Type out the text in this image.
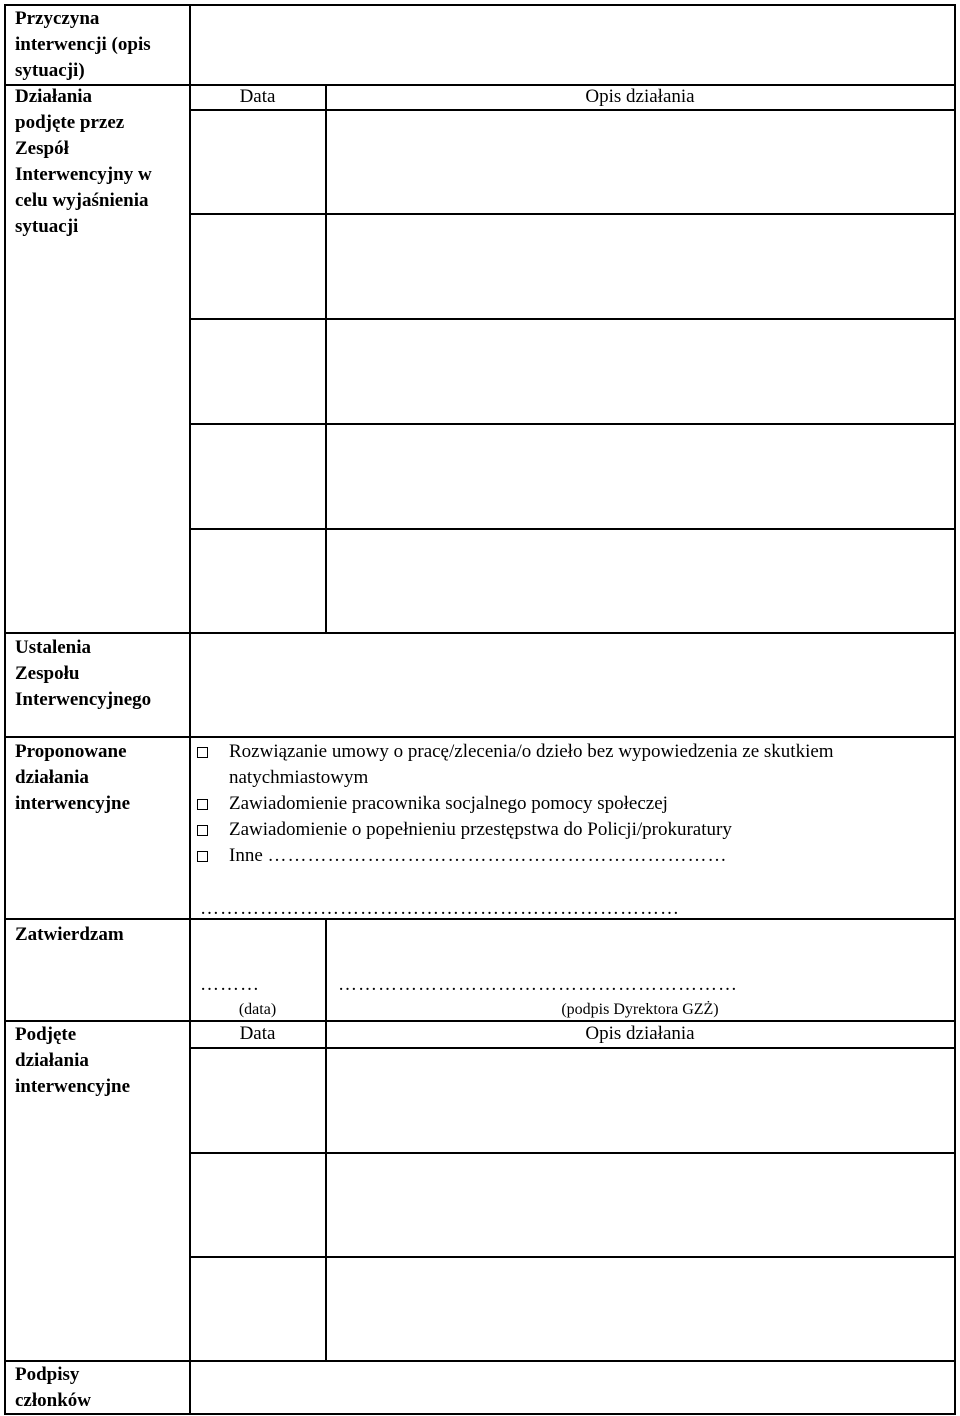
Przyczyna
interwencji (opis
sytuacji)
Działania
podjęte przez
Zespół
Interwencyjny w
celu wyjaśnienia
sytuacji
Data	Opis działania
Ustalenia
Zespołu
Interwencyjnego
Proponowane
działania
interwencyjne
Rozwiązanie umowy o pracę/zlecenia/o dzieło bez wypowiedzenia ze skutkiem
natychmiastowym
Zawiadomienie pracownika socjalnego pomocy społeczej
Zawiadomienie o popełnieniu przestępstwa do Policji/prokuratury
Inne ……………………………………………………………
………………………………………………………………
Zatwierdzam
………
(data)
……………………………………………………
(podpis Dyrektora GZŻ)
Podjęte
działania
interwencyjne
Data	Opis działania
Podpisy
członków
